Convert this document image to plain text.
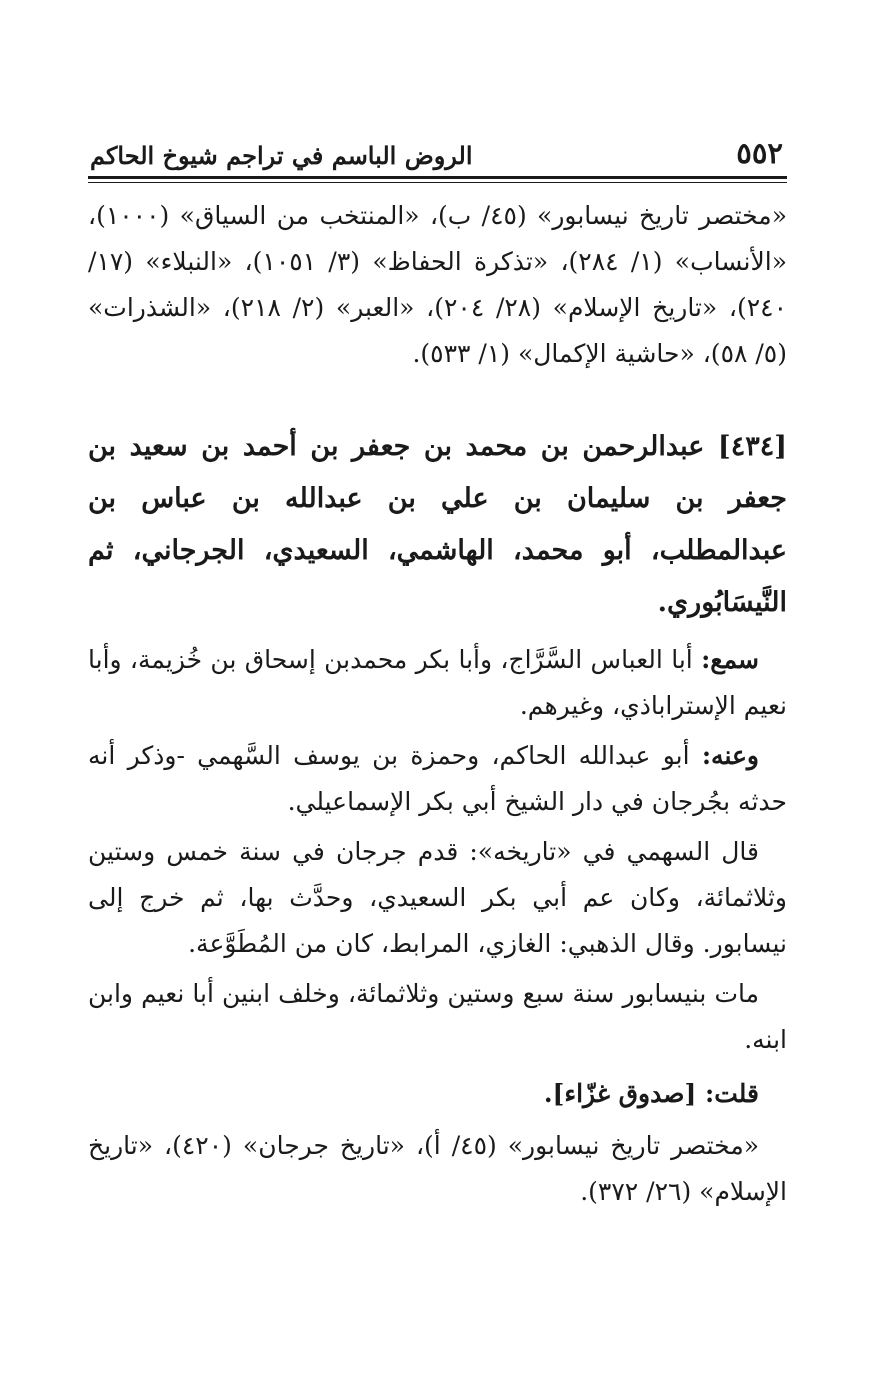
٥٥٢
الروض الباسم في تراجم شيوخ الحاكم

«مختصر تاريخ نيسابور» (٤٥/ ب)، «المنتخب من السياق» (١٠٠٠)، «الأنساب» (١/ ٢٨٤)، «تذكرة الحفاظ» (٣/ ١٠٥١)، «النبلاء» (١٧/ ٢٤٠)، «تاريخ الإسلام» (٢٨/ ٢٠٤)، «العبر» (٢/ ٢١٨)، «الشذرات» (٥/ ٥٨)، «حاشية الإكمال» (١/ ٥٣٣).

[٤٣٤] عبدالرحمن بن محمد بن جعفر بن أحمد بن سعيد بن جعفر بن سليمان بن علي بن عبدالله بن عباس بن عبدالمطلب، أبو محمد، الهاشمي، السعيدي، الجرجاني، ثم النَّيسَابُوري.

سمع: أبا العباس السَّرَّاج، وأبا بكر محمدبن إسحاق بن خُزيمة، وأبا نعيم الإستراباذي، وغيرهم.

وعنه: أبو عبدالله الحاكم، وحمزة بن يوسف السَّهمي -وذكر أنه حدثه بجُرجان في دار الشيخ أبي بكر الإسماعيلي.

قال السهمي في «تاريخه»: قدم جرجان في سنة خمس وستين وثلاثمائة، وكان عم أبي بكر السعيدي، وحدَّث بها، ثم خرج إلى نيسابور. وقال الذهبي: الغازي، المرابط، كان من المُطَوَّعة.

مات بنيسابور سنة سبع وستين وثلاثمائة، وخلف ابنين أبا نعيم وابن ابنه.

قلت: [صدوق غزّاء].

«مختصر تاريخ نيسابور» (٤٥/ أ)، «تاريخ جرجان» (٤٢٠)، «تاريخ الإسلام» (٢٦/ ٣٧٢).
